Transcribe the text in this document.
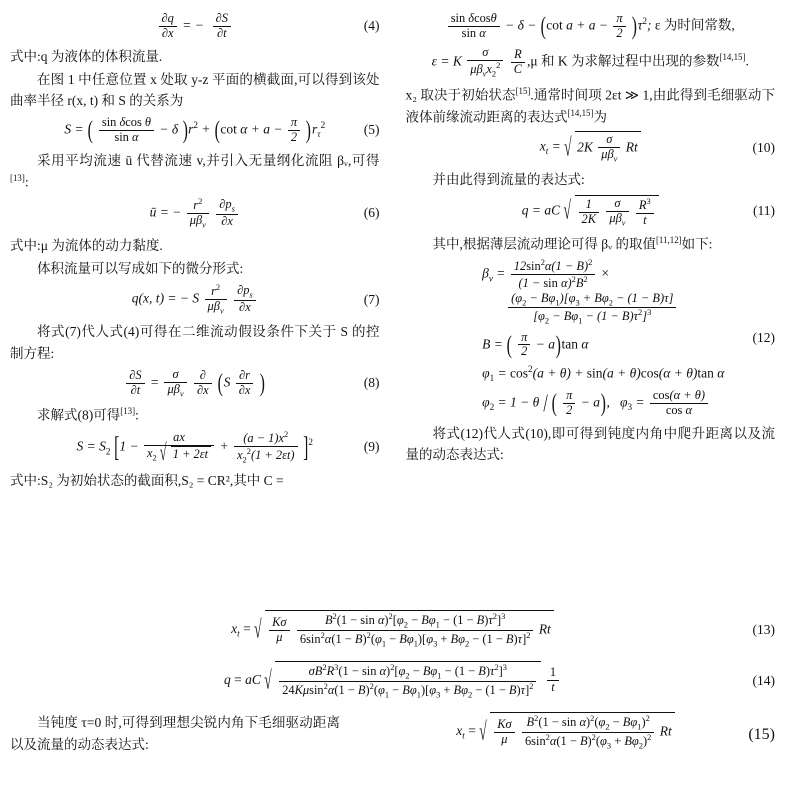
$\frac{\partial q}{\partial x}$ = − $\frac{\partial S}{\partial t}$	(4)

式中:q 为液体的体积流量.

在图 1 中任意位置 x 处取 y-z 平面的横截面,可以得到该处曲率半径 r(x, t) 和 S 的关系为

S = ( $\frac{\text{sin δcos θ}}{\text{sin α}} - \delta$ )$r^2 + (\cot$ $\alpha + a - \frac{\pi}{2} )r_\tau^2$	(5)

采用平均流速 ū 代替流速 v,并引入无量纲化流阻 βᵥ,可得[13]:

ū = − $\frac{r^2}{\mu\beta_v}$
$\frac{\partial p_s}{\partial x}$	(6)

式中:μ 为流体的动力黏度.

体积流量可以写成如下的微分形式:

q(x, t) = − S $\frac{r^2}{\mu\beta_v}$
$\frac{\partial p_s}{\partial x}$	(7)

将式(7)代人式(4)可得在二维流动假设条件下关于 S 的控制方程:

$\frac{\partial S}{\partial t} = \frac{\sigma}{\mu\beta_v}$
$\frac{\partial}{\partial x} (S \frac{\partial r}{\partial x}$ )	(8)

求解式(8)可得[13]:

$S = S_2$ $[1 - \frac{ax}{x_2 √ 1 + 2\varepsilon t} + \frac{(a - 1)x^2}{x_2^2(1 + 2\varepsilon t)} ]^2$	(9)

式中:S₂ 为初始状态的截面积,S₂ = CR²,其中 C =

$\frac{\text{sin δcosθ}}{\text{sin α}} - \delta - (\cot$ $a + a - \frac{\pi}{2} )\tau^2$; ε 为时间常数,
ε = K $\frac{\sigma}{\mu\beta_vx_2^2}$
$\frac{R}{C} ,\mu$ 和 K 为求解过程中出现的参数[14,15].

x₂ 取决于初始状态[15].通常时间项 2εt ≫ 1,由此得到毛细驱动下液体前缘流动距离的表达式[14,15]为

$x_t$ = √ $2K \frac{\sigma}{\mu\beta_v}$ Rt	(10)

并由此得到流量的表达式:

q = aC √ $\frac{1}{2K}$
$\frac{\sigma}{\mu\beta_v}$
$\frac{R^3}{t}$	(11)

其中,根据薄层流动理论可得 βᵥ 的取值[11,12]如下:

$\beta_v = \frac{12\sin^2\alpha(1 - B)^2}{(1 - \sin \alpha)^2B^2}$ ×
$\frac{(\varphi_2 - B\varphi_1)[\varphi_3 + B\varphi_2 - (1 - B)\tau]}{[\varphi_2 - B\varphi_1 - (1 - B)\tau^2]^3}$
B = ( $\frac{\pi}{2} - a)\tan$ α
$\varphi_1 = \cos^2(a + \theta) + \sin(a + \theta)\cos(\alpha + \theta)\tan$ α
$\varphi_2 = 1 - \theta$ / ( $\frac{\pi}{2} - a$),   $\varphi_3 = \frac{\cos(\alpha + \theta)}{\text{cos α}}$
(12)

将式(12)代人式(10),即可得到钝度内角中爬升距离以及流量的动态表达式:

$x_t$ = √ $\frac{K\sigma}{\mu}$
$\frac{B^2(1 - \sin \alpha)^2[\varphi_2 - B\varphi_1 - (1 - B)\tau^2]^3}{6\sin^2\alpha(1 - B)^2(\varphi_1 - B\varphi_1)[\varphi_3 + B\varphi_2 - (1 - B)\tau]^2}$ Rt	(13)
q = aC √ $\frac{\sigma B^2R^3(1 - \sin \alpha)^2[\varphi_2 - B\varphi_1 - (1 - B)\tau^2]^3}{24K\mu\sin^2\alpha(1 - B)^2(\varphi_1 - B\varphi_1)[\varphi_3 + B\varphi_2 - (1 - B)\tau]^2}$
$\frac{1}{t}$	(14)

当钝度 τ=0 时,可得到理想尖锐内角下毛细驱动距离以及流量的动态表达式:

$x_t$ = √ $\frac{K\sigma}{\mu}$
$\frac{B^2(1 - \sin \alpha)^2(\varphi_2 - B\varphi_1)^2}{6\sin^2\alpha(1 - B)^2(\varphi_3 + B\varphi_2)^2}$ Rt	(15)
